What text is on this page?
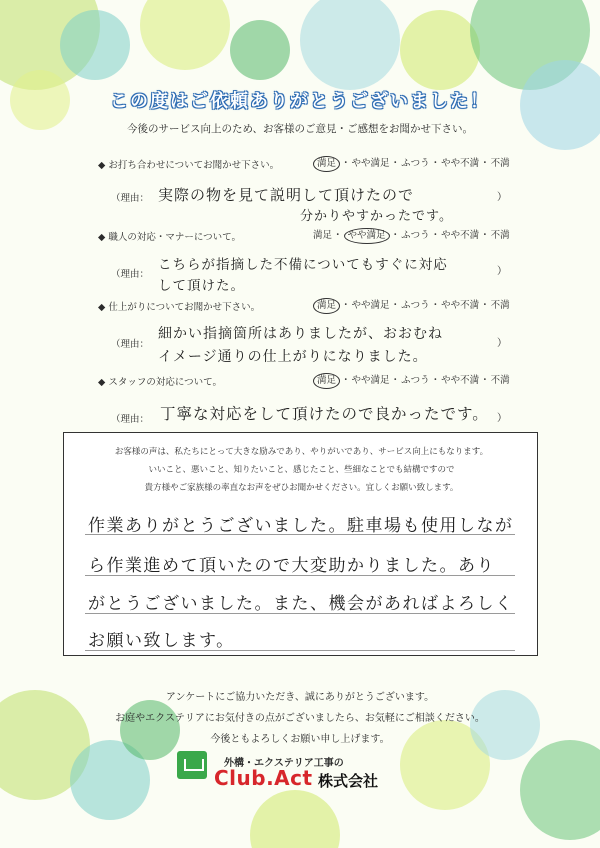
この度はご依頼ありがとうございました！
今後のサービス向上のため、お客様のご意見・ご感想をお聞かせ下さい。
◆ お打ち合わせについてお聞かせ下さい。	満足 ・やや満足・ふつう・やや不満・不満
（理由： 実際の物を見て説明して頂けたので
分かりやすかったです。
）
◆ 職人の対応・マナーについて。	満足・ やや満足 ・ふつう・やや不満・不満
（理由：
こちらが指摘した不備についてもすぐに対応
して頂けた。
）
◆ 仕上がりについてお聞かせ下さい。	満足 ・やや満足・ふつう・やや不満・不満
（理由：
細かい指摘箇所はありましたが、おおむね
イメージ通りの仕上がりになりました。
）
◆ スタッフの対応について。	満足 ・やや満足・ふつう・やや不満・不満
（理由： 丁寧な対応をして頂けたので良かったです。 ）
お客様の声は、私たちにとって大きな励みであり、やりがいであり、サービス向上にもなります。
いいこと、悪いこと、知りたいこと、感じたこと、些細なことでも結構ですので
貴方様やご家族様の率直なお声をぜひお聞かせください。宜しくお願い致します。
作業ありがとうございました。駐車場も使用しなが
ら作業進めて頂いたので大変助かりました。あり
がとうございました。また、機会があればよろしく
お願い致します。
アンケートにご協力いただき、誠にありがとうございます。
お庭やエクステリアにお気付きの点がございましたら、お気軽にご相談ください。
今後ともよろしくお願い申し上げます。
外構・エクステリア工事の
Club.Act 株式会社
